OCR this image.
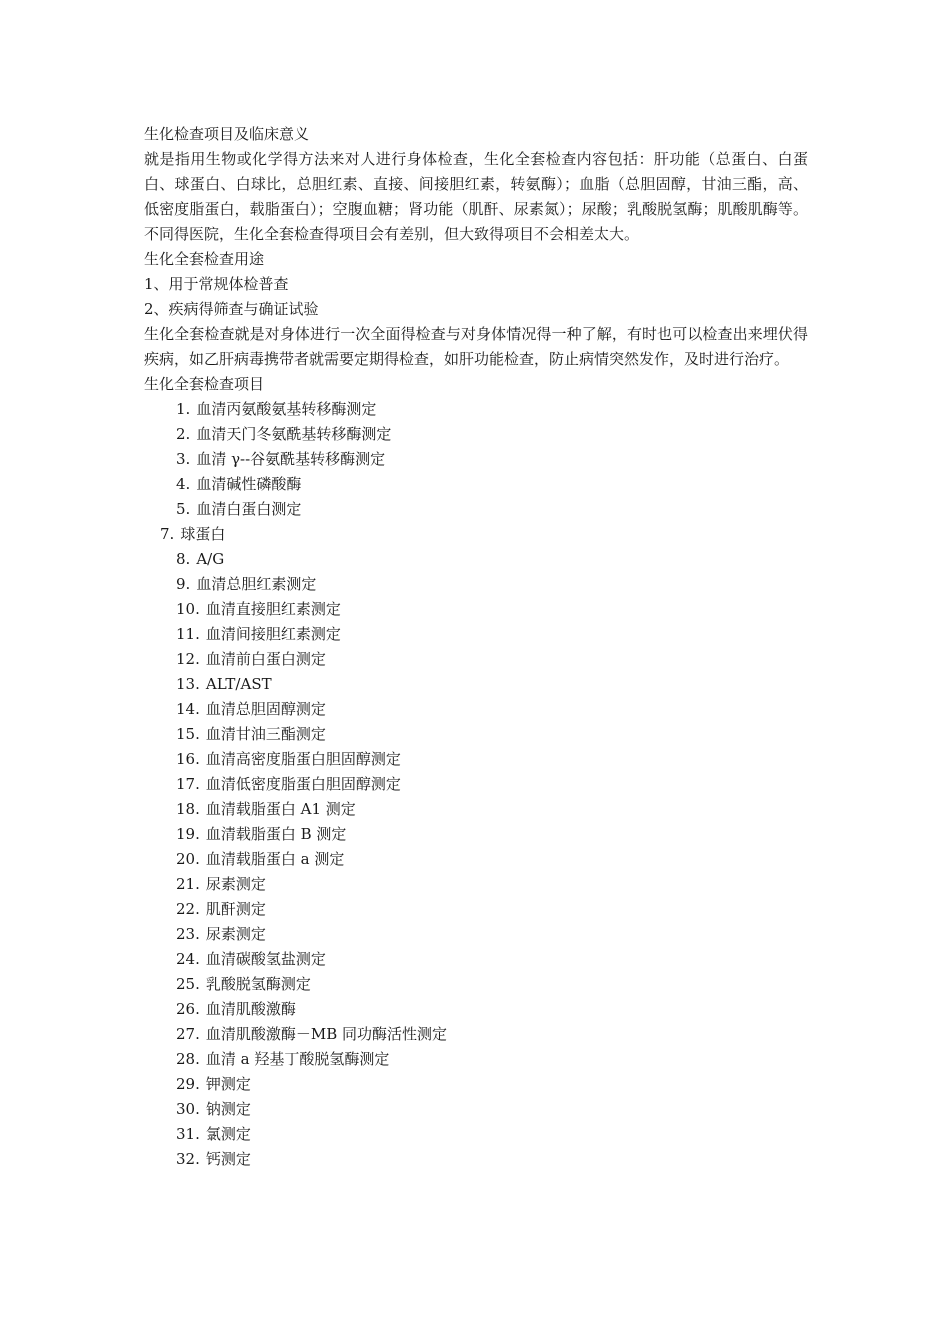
生化检查项目及临床意义
就是指用生物或化学得方法来对人进行身体检查，生化全套检查内容包括：肝功能（总蛋白、白蛋白、球蛋白、白球比，总胆红素、直接、间接胆红素，转氨酶）；血脂（总胆固醇，甘油三酯，高、低密度脂蛋白，载脂蛋白）；空腹血糖；肾功能（肌酐、尿素氮）；尿酸；乳酸脱氢酶；肌酸肌酶等。不同得医院，生化全套检查得项目会有差别，但大致得项目不会相差太大。
生化全套检查用途
1、用于常规体检普查
2、疾病得筛查与确证试验
生化全套检查就是对身体进行一次全面得检查与对身体情况得一种了解，有时也可以检查出来埋伏得疾病，如乙肝病毒携带者就需要定期得检查，如肝功能检查，防止病情突然发作，及时进行治疗。
生化全套检查项目
1. 血清丙氨酸氨基转移酶测定
2. 血清天门冬氨酰基转移酶测定
3. 血清 γ--谷氨酰基转移酶测定
4. 血清碱性磷酸酶
5. 血清白蛋白测定
7. 球蛋白
8. A/G
9. 血清总胆红素测定
10. 血清直接胆红素测定
11. 血清间接胆红素测定
12. 血清前白蛋白测定
13. ALT/AST
14. 血清总胆固醇测定
15. 血清甘油三酯测定
16. 血清高密度脂蛋白胆固醇测定
17. 血清低密度脂蛋白胆固醇测定
18. 血清载脂蛋白 A1 测定
19. 血清载脂蛋白 B 测定
20. 血清载脂蛋白 a 测定
21. 尿素测定
22. 肌酐测定
23. 尿素测定
24. 血清碳酸氢盐测定
25. 乳酸脱氢酶测定
26. 血清肌酸激酶
27. 血清肌酸激酶－MB 同功酶活性测定
28. 血清 a 羟基丁酸脱氢酶测定
29. 钾测定
30. 钠测定
31. 氯测定
32. 钙测定
